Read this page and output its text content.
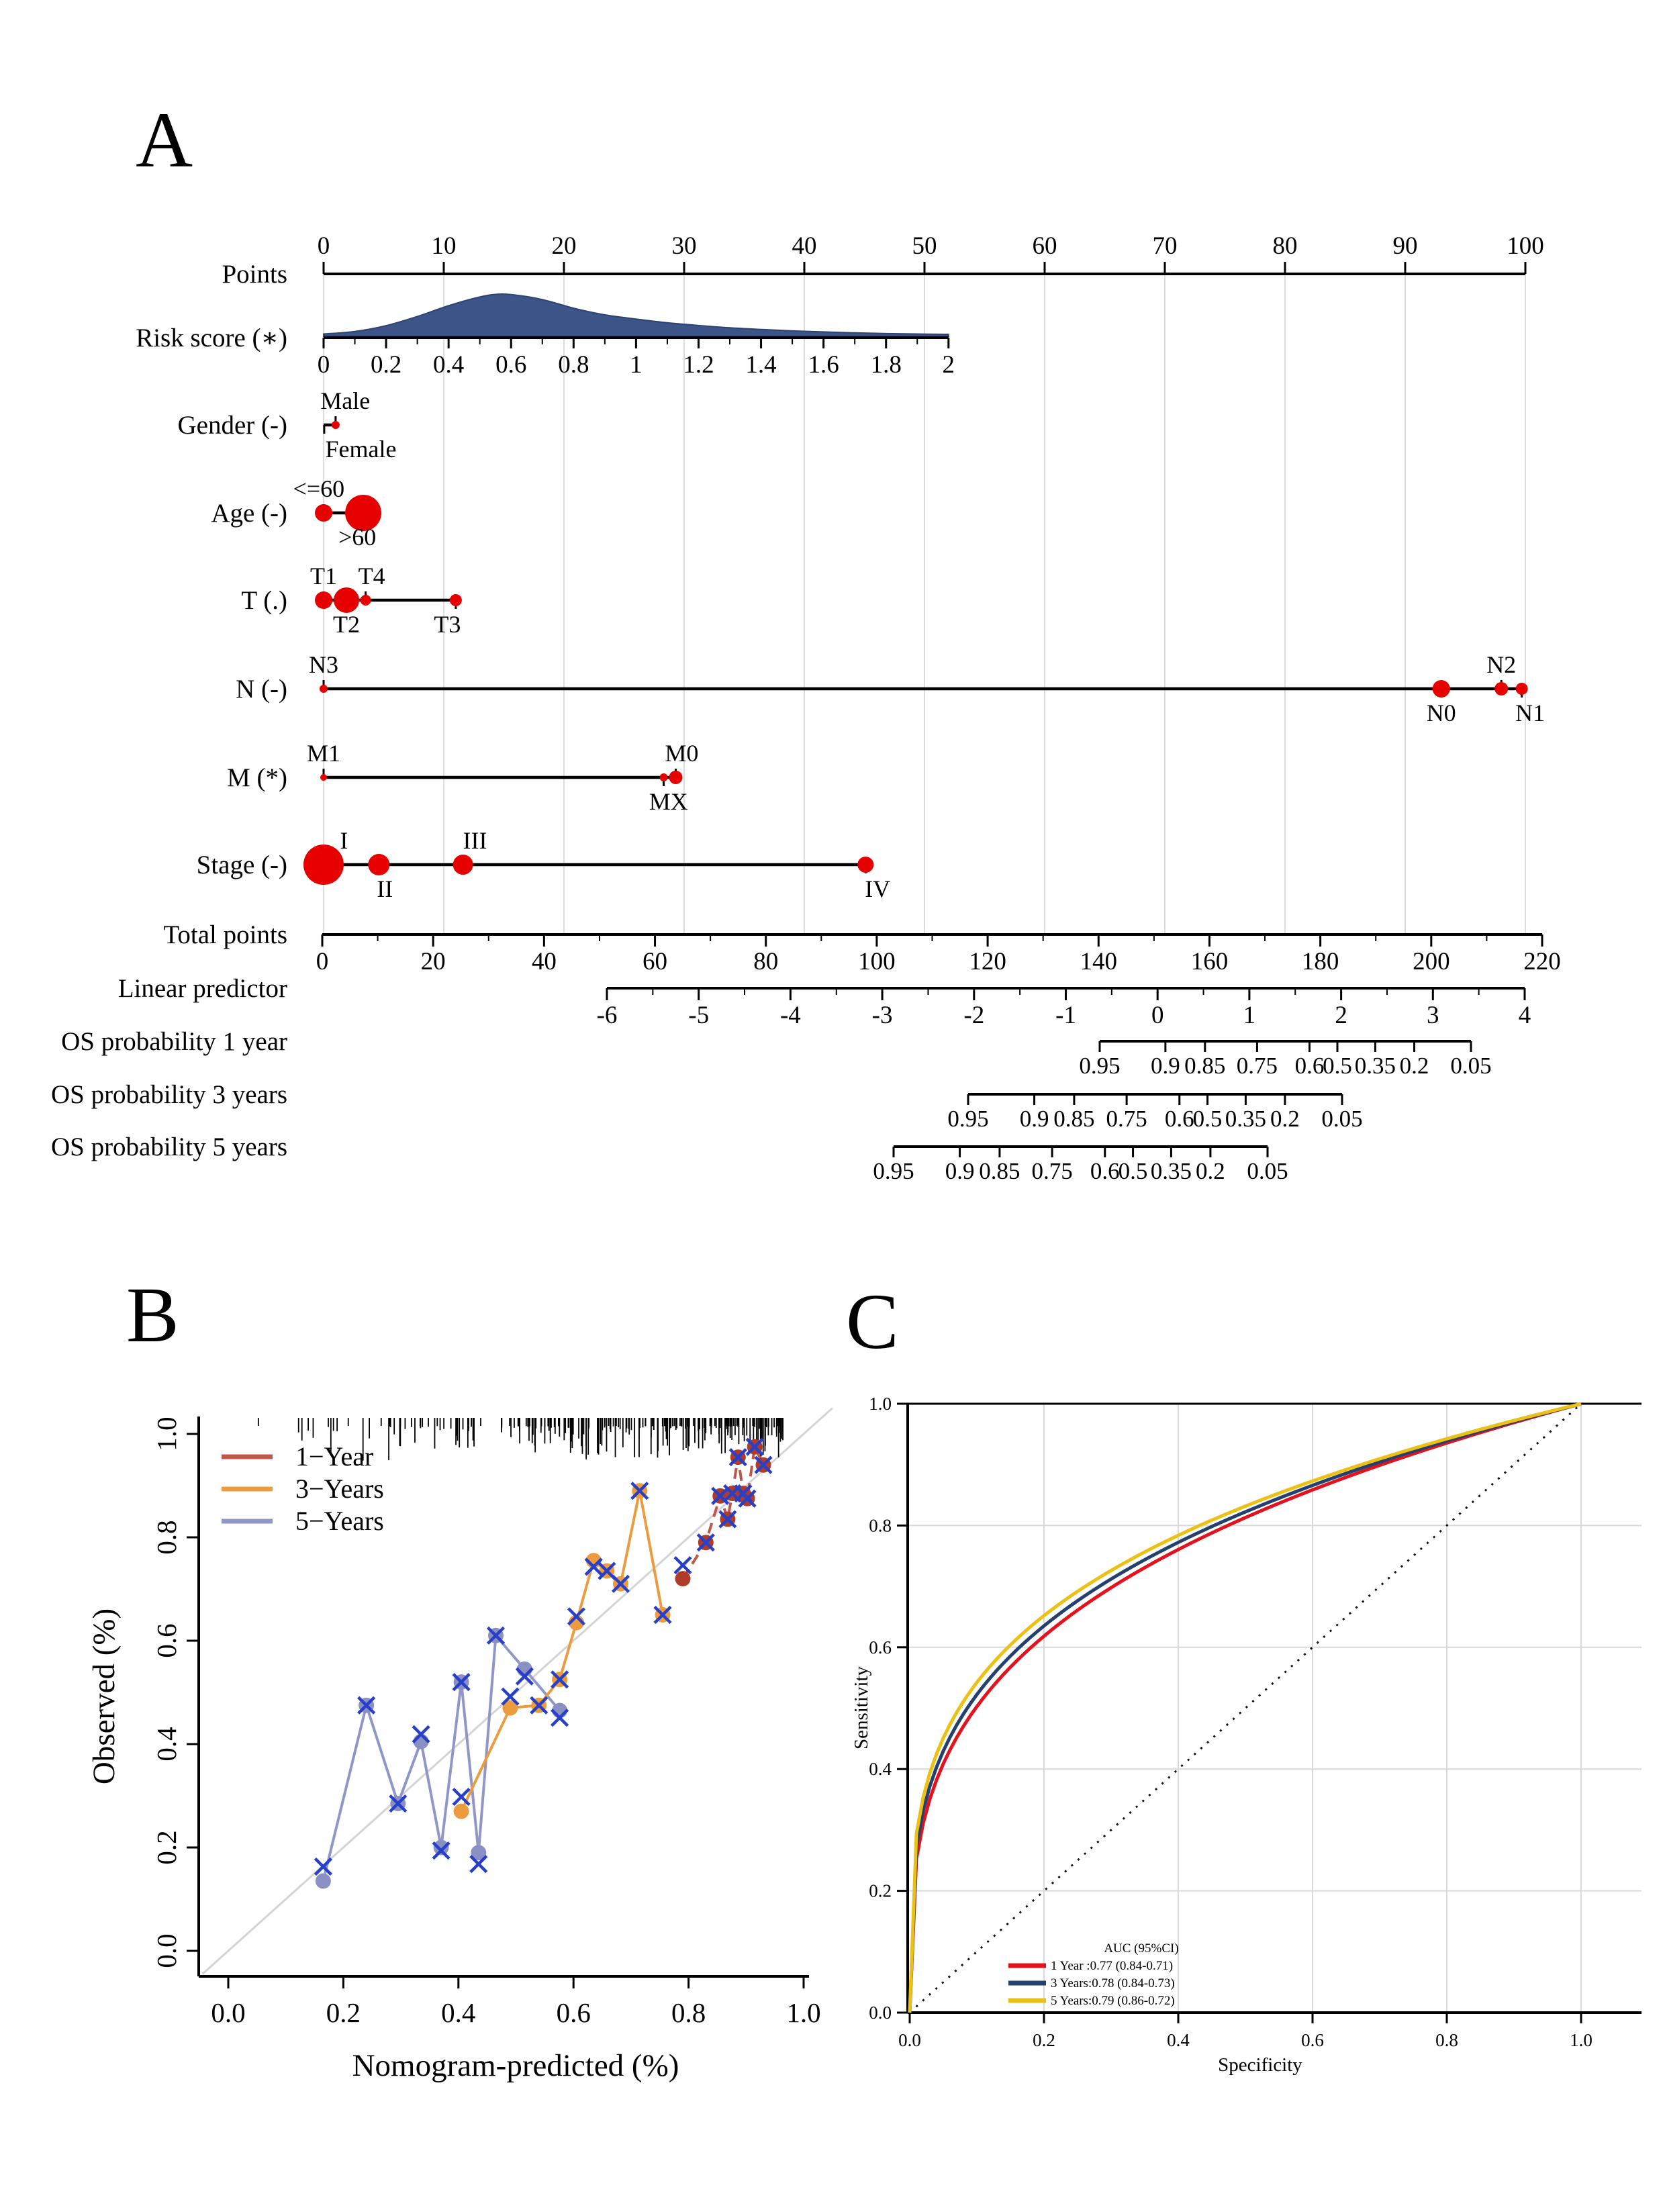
A
B	C
Points
0	10	20	30	40	50	60	70	80	90	100
Risk score (∗)
0 0.2 0.4 0.6 0.8 1 1.2 1.4 1.6 1.8 2
Gender (-)
Male
Female
Age (-)
<=60
>60
T (.)
T1
T2
T4
T3
N (-)
N3
N0
N2
N1
M (*)
M1
MX
M0
Stage (-)
I
II
III
IV
Total points
0	20	40	60	80	100	120	140	160	180	200	220
Linear predictor
-6	-5	-4	-3	-2	-1	0	1	2	3	4
OS probability 1 year
0.95 0.9 0.85 0.75 0.6
0.5 0.35 0.2 0.05
OS probability 3 years
0.95 0.9 0.85 0.75 0.6
0.5 0.35 0.2 0.05
OS probability 5 years
0.95 0.9 0.85 0.75 0.6
0.5 0.35 0.2 0.05
0.0	0.2	0.4	0.6	0.8	1.0
0.0
0.2
0.4
0.6
0.8
1.0
Nomogram-predicted (%)
Observed (%)
1−Year
3−Years
5−Years
0.0	0.2	0.4	0.6	0.8	1.0
0.0
0.2
0.4
0.6
0.8
1.0
Specificity
Sensitivity
AUC (95%CI)
1 Year :0.77 (0.84-0.71)
3 Years:0.78 (0.84-0.73)
5 Years:0.79 (0.86-0.72)
